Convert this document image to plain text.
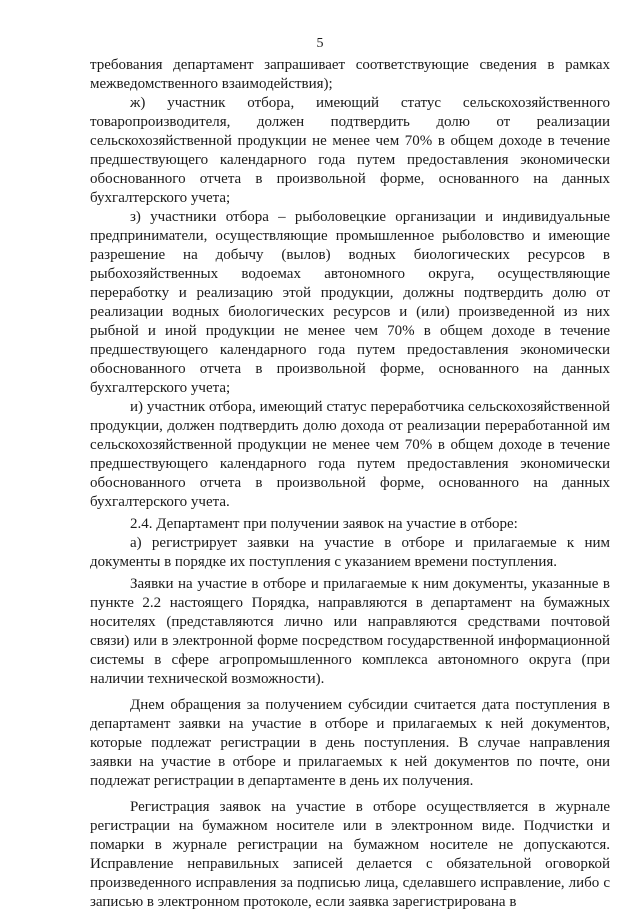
5

требования департамент запрашивает соответствующие сведения в рамках межведомственного взаимодействия);

ж) участник отбора, имеющий статус сельскохозяйственного товаропроизводителя, должен подтвердить долю от реализации сельскохозяйственной продукции не менее чем 70% в общем доходе в течение предшествующего календарного года путем предоставления экономически обоснованного отчета в произвольной форме, основанного на данных бухгалтерского учета;

з) участники отбора – рыболовецкие организации и индивидуальные предприниматели, осуществляющие промышленное рыболовство и имеющие разрешение на добычу (вылов) водных биологических ресурсов в рыбохозяйственных водоемах автономного округа, осуществляющие переработку и реализацию этой продукции, должны подтвердить долю от реализации водных биологических ресурсов и (или) произведенной из них рыбной и иной продукции не менее чем 70% в общем доходе в течение предшествующего календарного года путем предоставления экономически обоснованного отчета в произвольной форме, основанного на данных бухгалтерского учета;

и) участник отбора, имеющий статус переработчика сельскохозяйственной продукции, должен подтвердить долю дохода от реализации переработанной им сельскохозяйственной продукции не менее чем 70% в общем доходе в течение предшествующего календарного года путем предоставления экономически обоснованного отчета в произвольной форме, основанного на данных бухгалтерского учета.

2.4. Департамент при получении заявок на участие в отборе:

а) регистрирует заявки на участие в отборе и прилагаемые к ним документы в порядке их поступления с указанием времени поступления.

Заявки на участие в отборе и прилагаемые к ним документы, указанные в пункте 2.2 настоящего Порядка, направляются в департамент на бумажных носителях (представляются лично или направляются средствами почтовой связи) или в электронной форме посредством государственной информационной системы в сфере агропромышленного комплекса автономного округа (при наличии технической возможности).

Днем обращения за получением субсидии считается дата поступления в департамент заявки на участие в отборе и прилагаемых к ней документов, которые подлежат регистрации в день поступления. В случае направления заявки на участие в отборе и прилагаемых к ней документов по почте, они подлежат регистрации в департаменте в день их получения.

Регистрация заявок на участие в отборе осуществляется в журнале регистрации на бумажном носителе или в электронном виде. Подчистки и помарки в журнале регистрации на бумажном носителе не допускаются. Исправление неправильных записей делается с обязательной оговоркой произведенного исправления за подписью лица, сделавшего исправление, либо с записью в электронном протоколе, если заявка зарегистрирована в
